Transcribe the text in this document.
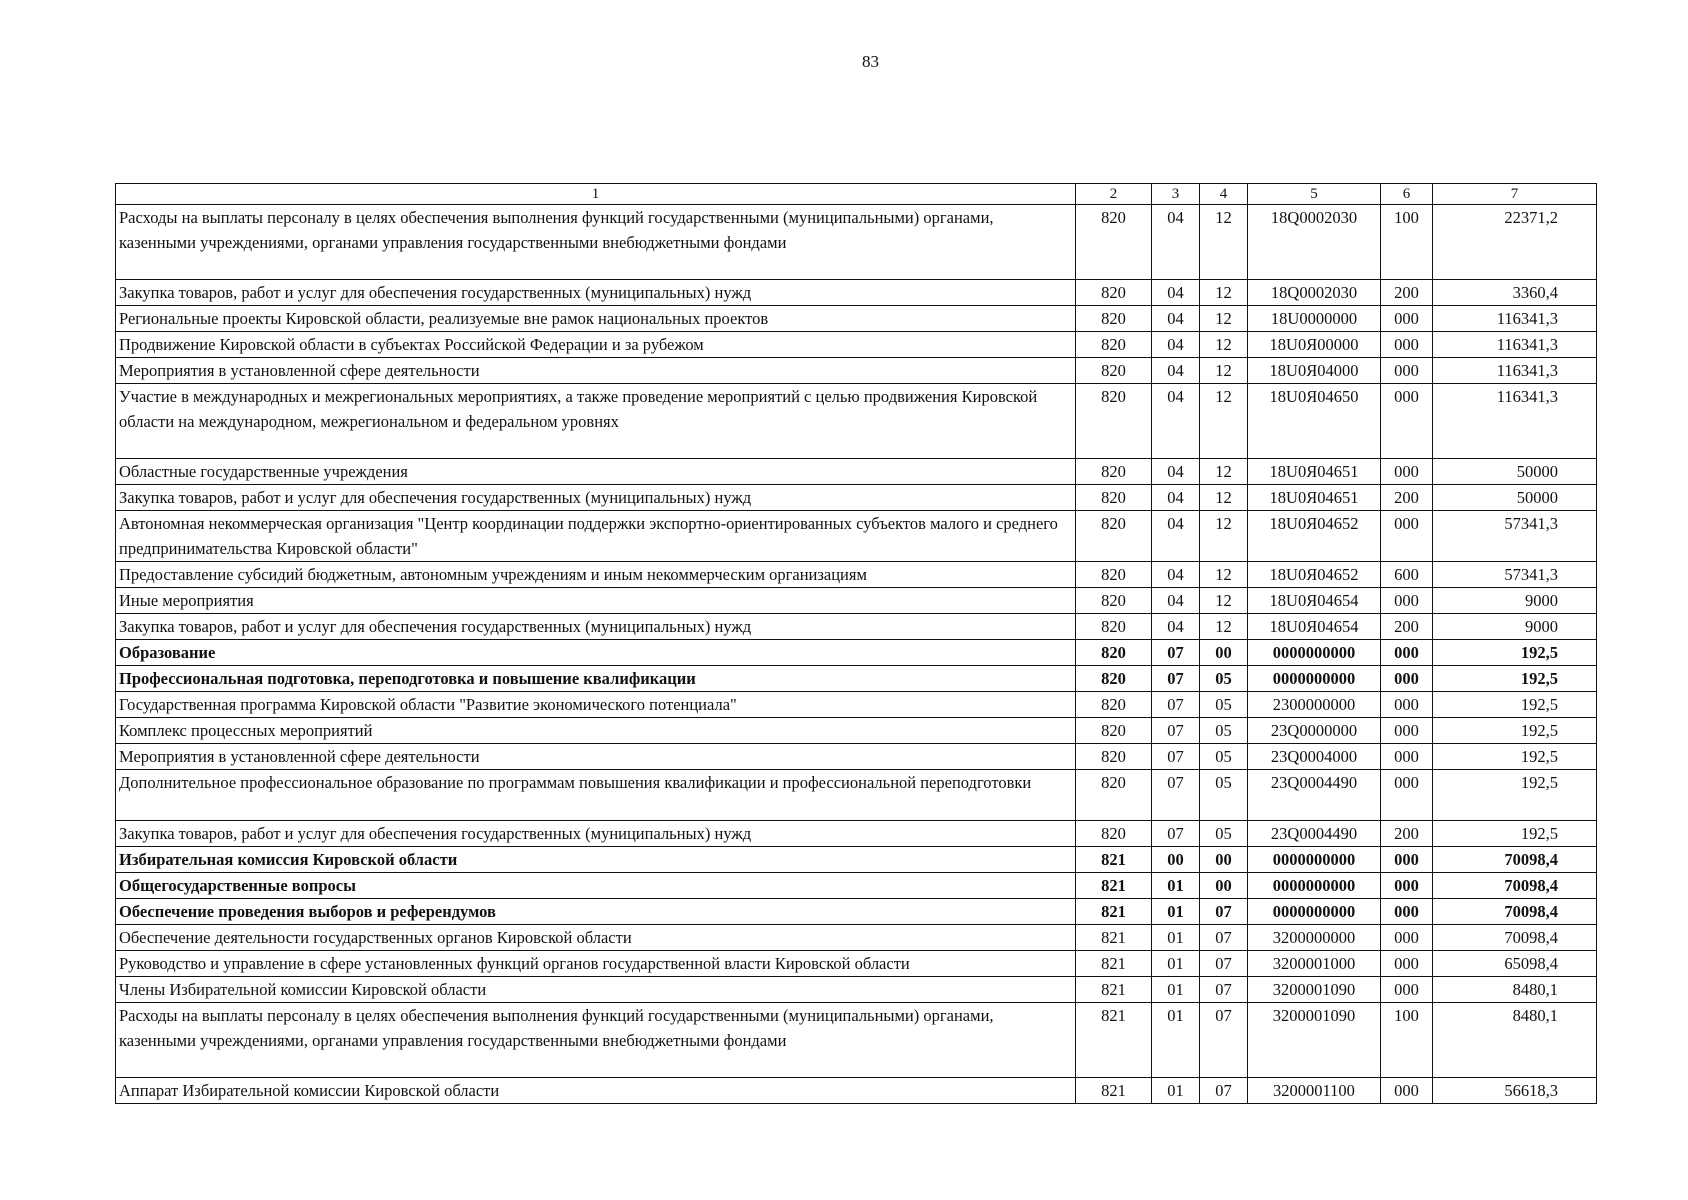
83
1	2	3	4	5	6	7
Расходы на выплаты персоналу в целях обеспечения выполнения функций государственными (муниципальными) органами, казенными учреждениями, органами управления государственными внебюджетными фондами	820	04	12	18Q0002030	100	22371,2
Закупка товаров, работ и услуг для обеспечения государственных (муниципальных) нужд	820	04	12	18Q0002030	200	3360,4
Региональные проекты Кировской области, реализуемые вне рамок национальных проектов	820	04	12	18U0000000	000	116341,3
Продвижение Кировской области в субъектах Российской Федерации и за рубежом	820	04	12	18U0Я00000	000	116341,3
Мероприятия в установленной сфере деятельности	820	04	12	18U0Я04000	000	116341,3
Участие в международных и межрегиональных мероприятиях, а также проведение мероприятий с целью продвижения Кировской области на международном, межрегиональном и федеральном уровнях	820	04	12	18U0Я04650	000	116341,3
Областные государственные учреждения	820	04	12	18U0Я04651	000	50000
Закупка товаров, работ и услуг для обеспечения государственных (муниципальных) нужд	820	04	12	18U0Я04651	200	50000
Автономная некоммерческая организация "Центр координации поддержки экспортно-ориентированных субъектов малого и среднего предпринимательства Кировской области"	820	04	12	18U0Я04652	000	57341,3
Предоставление субсидий бюджетным, автономным учреждениям и иным некоммерческим организациям	820	04	12	18U0Я04652	600	57341,3
Иные мероприятия	820	04	12	18U0Я04654	000	9000
Закупка товаров, работ и услуг для обеспечения государственных (муниципальных) нужд	820	04	12	18U0Я04654	200	9000
Образование	820	07	00	0000000000	000	192,5
Профессиональная подготовка, переподготовка и повышение квалификации	820	07	05	0000000000	000	192,5
Государственная программа Кировской области "Развитие экономического потенциала"	820	07	05	2300000000	000	192,5
Комплекс процессных мероприятий	820	07	05	23Q0000000	000	192,5
Мероприятия в установленной сфере деятельности	820	07	05	23Q0004000	000	192,5
Дополнительное профессиональное образование по программам повышения квалификации и профессиональной переподготовки	820	07	05	23Q0004490	000	192,5
Закупка товаров, работ и услуг для обеспечения государственных (муниципальных) нужд	820	07	05	23Q0004490	200	192,5
Избирательная комиссия Кировской области	821	00	00	0000000000	000	70098,4
Общегосударственные вопросы	821	01	00	0000000000	000	70098,4
Обеспечение проведения выборов и референдумов	821	01	07	0000000000	000	70098,4
Обеспечение деятельности государственных органов Кировской области	821	01	07	3200000000	000	70098,4
Руководство и управление в сфере установленных функций органов государственной власти Кировской области	821	01	07	3200001000	000	65098,4
Члены Избирательной комиссии Кировской области	821	01	07	3200001090	000	8480,1
Расходы на выплаты персоналу в целях обеспечения выполнения функций государственными (муниципальными) органами, казенными учреждениями, органами управления государственными внебюджетными фондами	821	01	07	3200001090	100	8480,1
Аппарат Избирательной комиссии Кировской области	821	01	07	3200001100	000	56618,3
